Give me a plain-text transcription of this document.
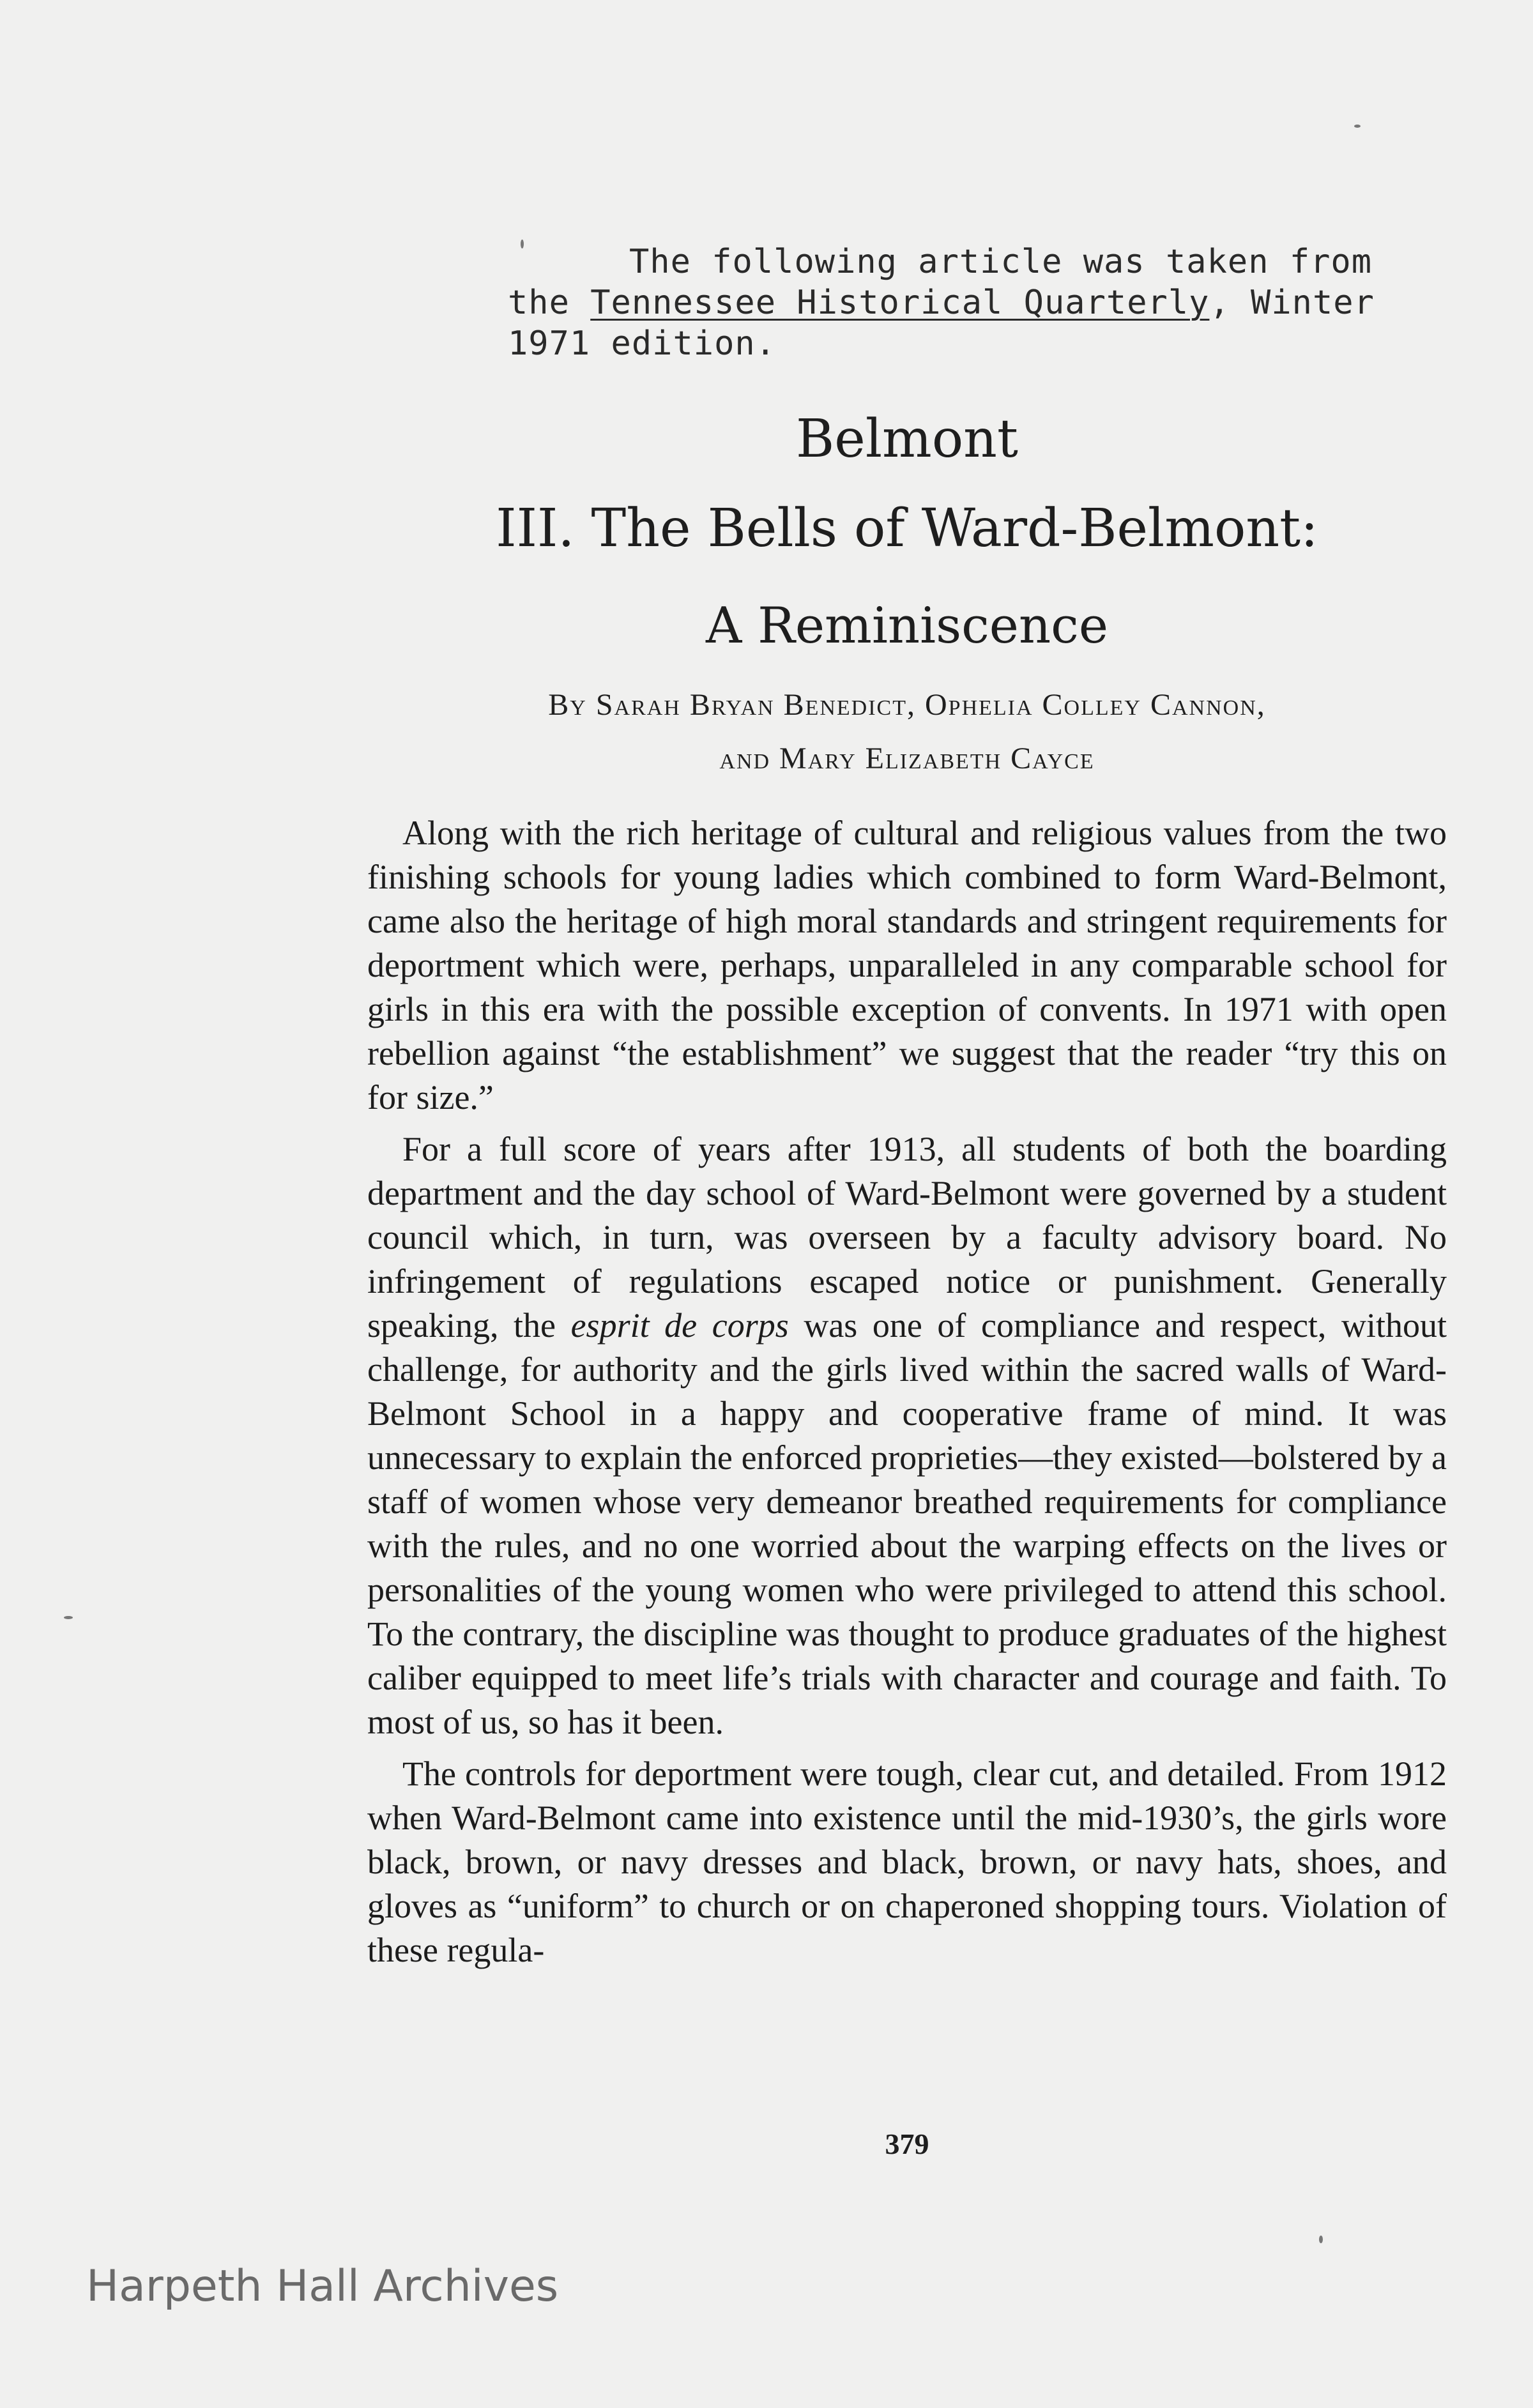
The following article was taken from
the Tennessee Historical Quarterly, Winter
1971 edition.
Belmont
III. The Bells of Ward-Belmont:
A Reminiscence
By Sarah Bryan Benedict, Ophelia Colley Cannon,
and Mary Elizabeth Cayce

Along with the rich heritage of cultural and religious values from the two finishing schools for young ladies which combined to form Ward-Belmont, came also the heritage of high moral standards and stringent requirements for deportment which were, perhaps, unparalleled in any comparable school for girls in this era with the possible exception of convents. In 1971 with open rebellion against “the establishment” we suggest that the reader “try this on for size.”

For a full score of years after 1913, all students of both the boarding department and the day school of Ward-Belmont were governed by a student council which, in turn, was overseen by a faculty advisory board. No infringement of regulations escaped notice or punishment. Generally speaking, the esprit de corps was one of compliance and respect, without challenge, for authority and the girls lived within the sacred walls of Ward-Belmont School in a happy and cooperative frame of mind. It was unnecessary to explain the enforced proprieties—they existed—bolstered by a staff of women whose very demeanor breathed requirements for compliance with the rules, and no one worried about the warping effects on the lives or personalities of the young women who were privileged to attend this school. To the contrary, the discipline was thought to produce graduates of the highest caliber equipped to meet life’s trials with character and courage and faith. To most of us, so has it been.

The controls for deportment were tough, clear cut, and detailed. From 1912 when Ward-Belmont came into existence until the mid-1930’s, the girls wore black, brown, or navy dresses and black, brown, or navy hats, shoes, and gloves as “uniform” to church or on chaperoned shopping tours. Violation of these regula-

379
Harpeth Hall Archives
